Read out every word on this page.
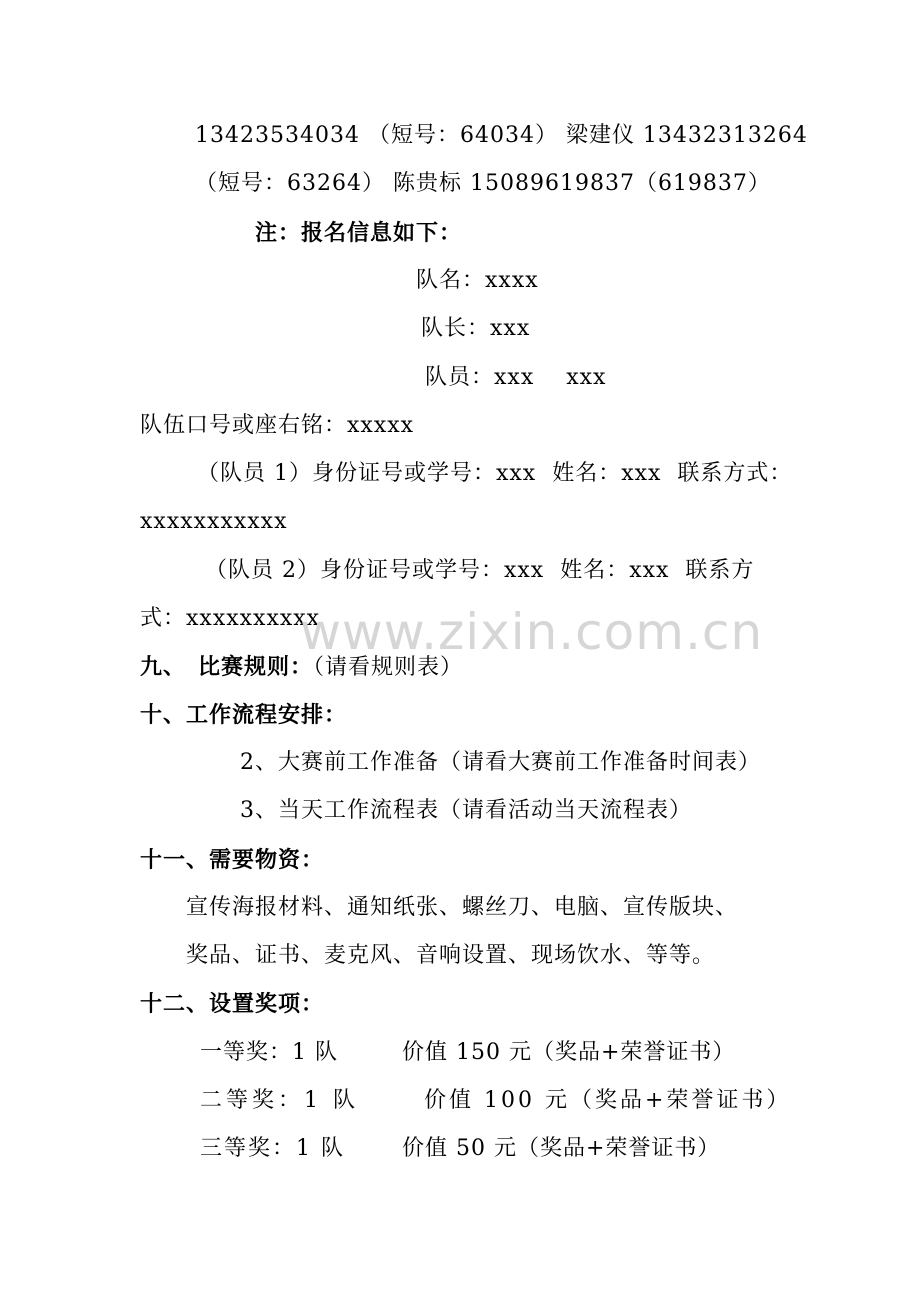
13423534034 （短号：64034） 梁建仪 13432313264
（短号：63264） 陈贵标 15089619837（619837）
注：报名信息如下：
队名：xxxx
队长：xxx
队员：xxx    xxx
队伍口号或座右铭：xxxxx
（队员 1）身份证号或学号：xxx  姓名：xxx  联系方式：
xxxxxxxxxxx
（队员 2）身份证号或学号：xxx  姓名：xxx  联系方
式：xxxxxxxxxx
www.zixin.com.cn
九、 比赛规则：（请看规则表）
十、工作流程安排：
2、大赛前工作准备（请看大赛前工作准备时间表）
3、当天工作流程表（请看活动当天流程表）
十一、需要物资：
宣传海报材料、通知纸张、螺丝刀、电脑、宣传版块、
奖品、证书、麦克风、音响设置、现场饮水、等等。
十二、设置奖项：
一等奖：1 队	价值 150 元（奖品+荣誉证书）
二等奖：1 队	价值 100 元（奖品+荣誉证书）
三等奖：1 队	价值 50 元（奖品+荣誉证书）
